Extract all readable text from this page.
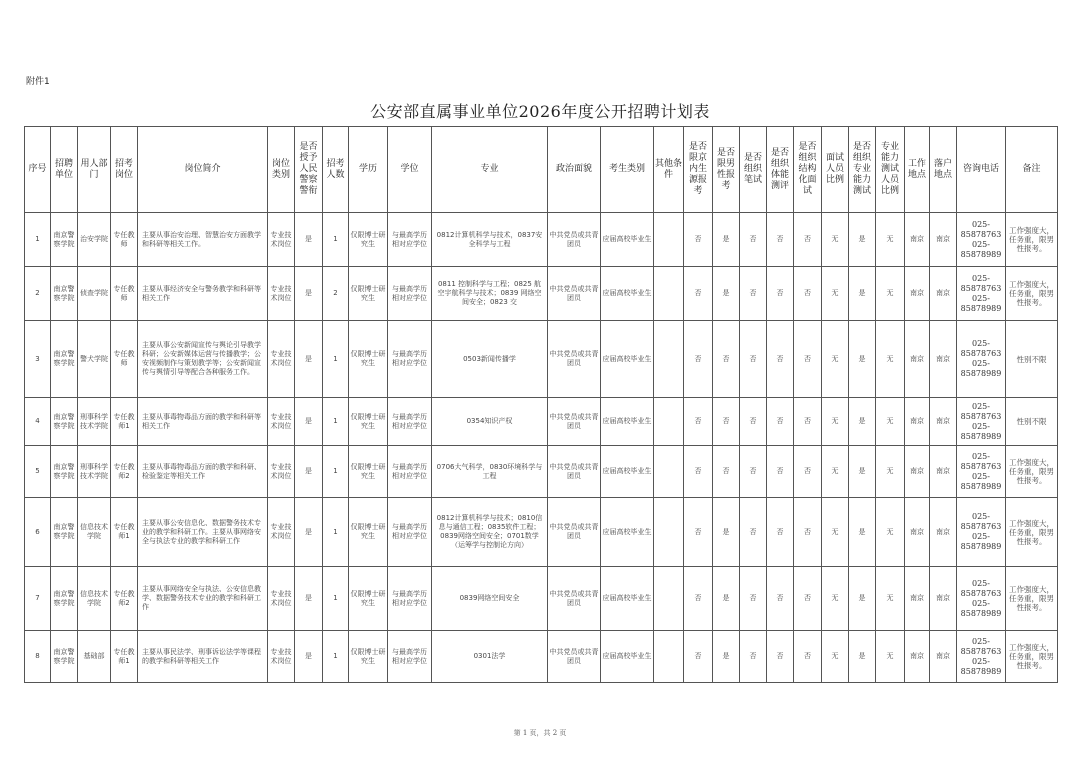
附件1
公安部直属事业单位2026年度公开招聘计划表
序号	招聘单位	用人部门	招考岗位	岗位简介	岗位类别	是否授予人民警察警衔	招考人数	学历	学位	专业	政治面貌	考生类别	其他条件	是否限京内生源报考	是否限男性报考	是否组织笔试	是否组织体能测评	是否组织结构化面试	面试人员比例	是否组织专业能力测试	专业能力测试人员比例	工作地点	落户地点	咨询电话	备注
1	南京警察学院	治安学院	专任教师	主要从事治安治理、智慧治安方面教学和科研等相关工作。	专业技术岗位	是	1	仅限博士研究生	与最高学历相对应学位	0812计算机科学与技术，0837安全科学与工程	中共党员或共青团员	应届高校毕业生		否	是	否	否	否	无	是	无	南京	南京	025-85878763 025-85878989	工作强度大，任务重，限男性报考。
2	南京警察学院	侦查学院	专任教师	主要从事经济安全与警务教学和科研等相关工作	专业技术岗位	是	2	仅限博士研究生	与最高学历相对应学位	0811 控制科学与工程；0825 航空宇航科学与技术；0839 网络空间安全；0823 交	中共党员或共青团员	应届高校毕业生		否	是	否	否	否	无	是	无	南京	南京	025-85878763 025-85878989	工作强度大，任务重，限男性报考。
3	南京警察学院	警犬学院	专任教师	主要从事公安新闻宣传与舆论引导教学科研；公安新媒体运营与传播教学；公安视频制作与策划教学等；公安新闻宣传与舆情引导等配合各种服务工作。	专业技术岗位	是	1	仅限博士研究生	与最高学历相对应学位	0503新闻传播学	中共党员或共青团员	应届高校毕业生		否	否	否	否	否	无	是	无	南京	南京	025-85878763 025-85878989	性别不限
4	南京警察学院	刑事科学技术学院	专任教师1	主要从事毒物毒品方面的教学和科研等相关工作	专业技术岗位	是	1	仅限博士研究生	与最高学历相对应学位	0354知识产权	中共党员或共青团员	应届高校毕业生		否	否	否	否	否	无	是	无	南京	南京	025-85878763 025-85878989	性别不限
5	南京警察学院	刑事科学技术学院	专任教师2	主要从事毒物毒品方面的教学和科研、检验鉴定等相关工作	专业技术岗位	是	1	仅限博士研究生	与最高学历相对应学位	0706大气科学，0830环境科学与工程	中共党员或共青团员	应届高校毕业生		否	否	否	否	否	无	是	无	南京	南京	025-85878763 025-85878989	工作强度大，任务重，限男性报考。
6	南京警察学院	信息技术学院	专任教师1	主要从事公安信息化、数据警务技术专业的教学和科研工作。主要从事网络安全与执法专业的教学和科研工作	专业技术岗位	是	1	仅限博士研究生	与最高学历相对应学位	0812计算机科学与技术；0810信息与通信工程；0835软件工程；0839网络空间安全；0701数学（运筹学与控制论方向）	中共党员或共青团员	应届高校毕业生		否	是	否	否	否	无	是	无	南京	南京	025-85878763 025-85878989	工作强度大，任务重，限男性报考。
7	南京警察学院	信息技术学院	专任教师2	主要从事网络安全与执法、公安信息教学、数据警务技术专业的教学和科研工作	专业技术岗位	是	1	仅限博士研究生	与最高学历相对应学位	0839网络空间安全	中共党员或共青团员	应届高校毕业生		否	是	否	否	否	无	是	无	南京	南京	025-85878763 025-85878989	工作强度大，任务重，限男性报考。
8	南京警察学院	基础部	专任教师1	主要从事民法学、刑事诉讼法学等课程的教学和科研等相关工作	专业技术岗位	是	1	仅限博士研究生	与最高学历相对应学位	0301法学	中共党员或共青团员	应届高校毕业生		否	是	否	否	否	无	是	无	南京	南京	025-85878763 025-85878989	工作强度大，任务重，限男性报考。
第 1 页，共 2 页
